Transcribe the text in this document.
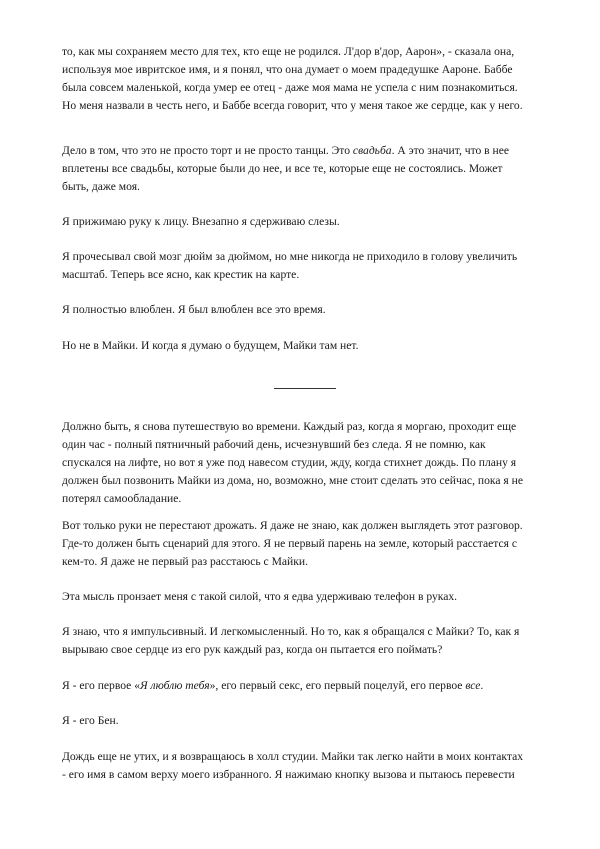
то, как мы сохраняем место для тех, кто еще не родился. Л'дор в'дор, Аарон», - сказала она,
используя мое ивритское имя, и я понял, что она думает о моем прадедушке Аароне. Баббе
была совсем маленькой, когда умер ее отец - даже моя мама не успела с ним познакомиться.
Но меня назвали в честь него, и Баббе всегда говорит, что у меня такое же сердце, как у него.

Дело в том, что это не просто торт и не просто танцы. Это свадьба. А это значит, что в нее
вплетены все свадьбы, которые были до нее, и все те, которые еще не состоялись. Может
быть, даже моя.

Я прижимаю руку к лицу. Внезапно я сдерживаю слезы.

Я прочесывал свой мозг дюйм за дюймом, но мне никогда не приходило в голову увеличить
масштаб. Теперь все ясно, как крестик на карте.

Я полностью влюблен. Я был влюблен все это время.

Но не в Майки. И когда я думаю о будущем, Майки там нет.

Должно быть, я снова путешествую во времени. Каждый раз, когда я моргаю, проходит еще
один час - полный пятничный рабочий день, исчезнувший без следа. Я не помню, как
спускался на лифте, но вот я уже под навесом студии, жду, когда стихнет дождь. По плану я
должен был позвонить Майки из дома, но, возможно, мне стоит сделать это сейчас, пока я не
потерял самообладание.

Вот только руки не перестают дрожать. Я даже не знаю, как должен выглядеть этот разговор.
Где-то должен быть сценарий для этого. Я не первый парень на земле, который расстается с
кем-то. Я даже не первый раз расстаюсь с Майки.

Эта мысль пронзает меня с такой силой, что я едва удерживаю телефон в руках.

Я знаю, что я импульсивный. И легкомысленный. Но то, как я обращался с Майки? То, как я
вырываю свое сердце из его рук каждый раз, когда он пытается его поймать?

Я - его первое «Я люблю тебя», его первый секс, его первый поцелуй, его первое все.

Я - его Бен.

Дождь еще не утих, и я возвращаюсь в холл студии. Майки так легко найти в моих контактах
- его имя в самом верху моего избранного. Я нажимаю кнопку вызова и пытаюсь перевести
